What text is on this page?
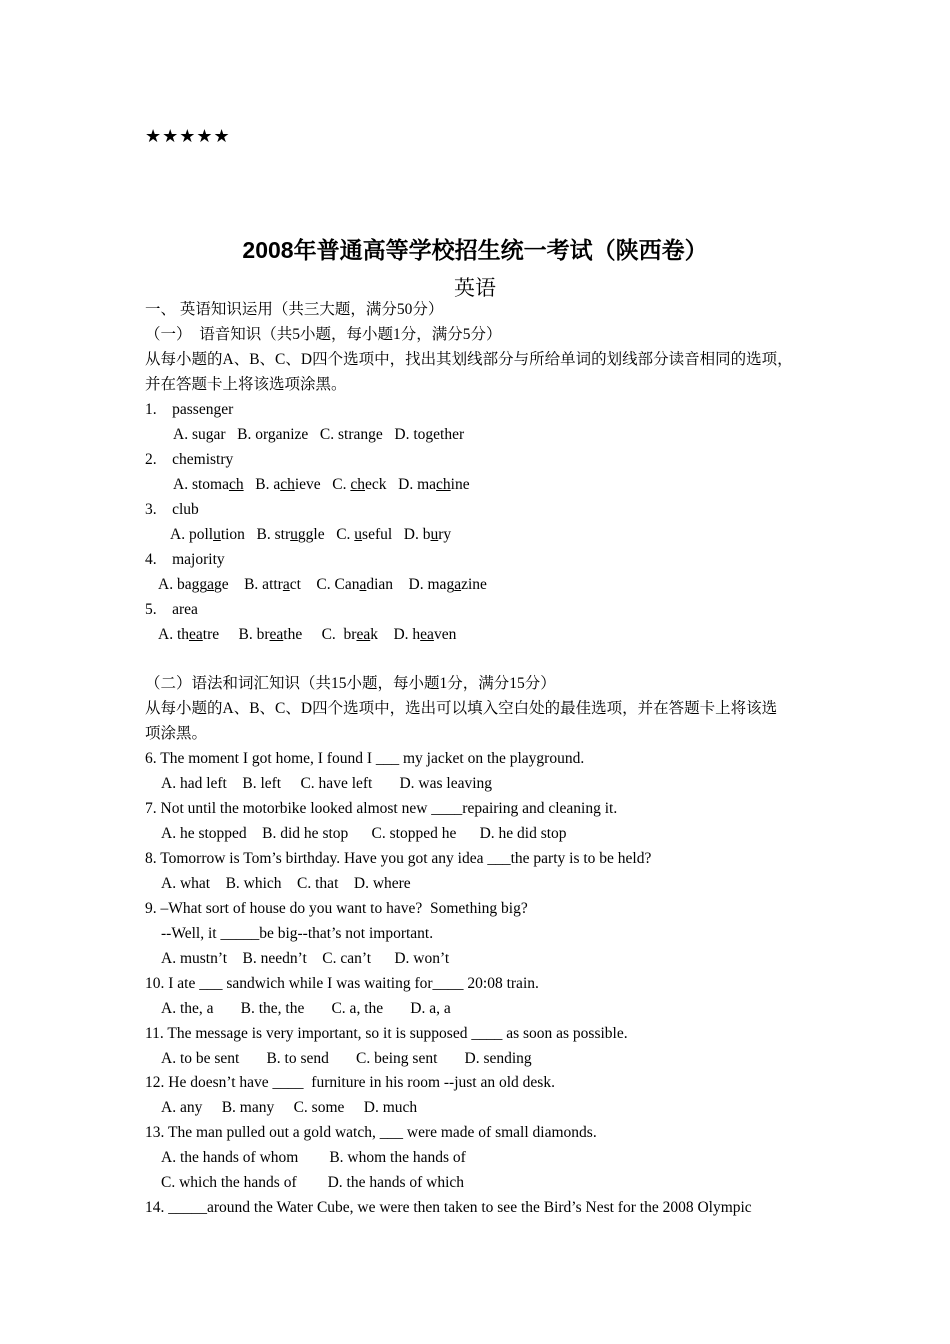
★★★★★
2008年普通高等学校招生统一考试（陕西卷）
英语
一、 英语知识运用（共三大题，满分50分）
（一）  语音知识（共5小题，每小题1分，满分5分）
从每小题的A、B、C、D四个选项中，找出其划线部分与所给单词的划线部分读音相同的选项，
并在答题卡上将该选项涂黑。
1.    passenger
A. sugar   B. organize   C. strange   D. together
2.    chemistry
A. stomach   B. achieve   C. check   D. machine
3.    club
A. pollution   B. struggle   C. useful   D. bury
4.    majority
A. baggage    B. attract    C. Canadian    D. magazine
5.    area
A. theatre     B. breathe     C.  break    D. heaven
（二）语法和词汇知识（共15小题，每小题1分，满分15分）
从每小题的A、B、C、D四个选项中，选出可以填入空白处的最佳选项，并在答题卡上将该选
项涂黑。
6. The moment I got home, I found I ___ my jacket on the playground.
A. had left    B. left     C. have left       D. was leaving
7. Not until the motorbike looked almost new ____repairing and cleaning it.
A. he stopped    B. did he stop      C. stopped he      D. he did stop
8. Tomorrow is Tom’s birthday. Have you got any idea ___the party is to be held?
A. what    B. which    C. that    D. where
9. –What sort of house do you want to have?  Something big?
--Well, it _____be big--that’s not important.
A. mustn’t    B. needn’t    C. can’t      D. won’t
10. I ate ___ sandwich while I was waiting for____ 20:08 train.
A. the, a       B. the, the       C. a, the       D. a, a
11. The message is very important, so it is supposed ____ as soon as possible.
A. to be sent       B. to send       C. being sent       D. sending
12. He doesn’t have ____  furniture in his room --just an old desk.
A. any     B. many     C. some     D. much
13. The man pulled out a gold watch, ___ were made of small diamonds.
A. the hands of whom        B. whom the hands of
C. which the hands of        D. the hands of which
14. _____around the Water Cube, we were then taken to see the Bird’s Nest for the 2008 Olympic
